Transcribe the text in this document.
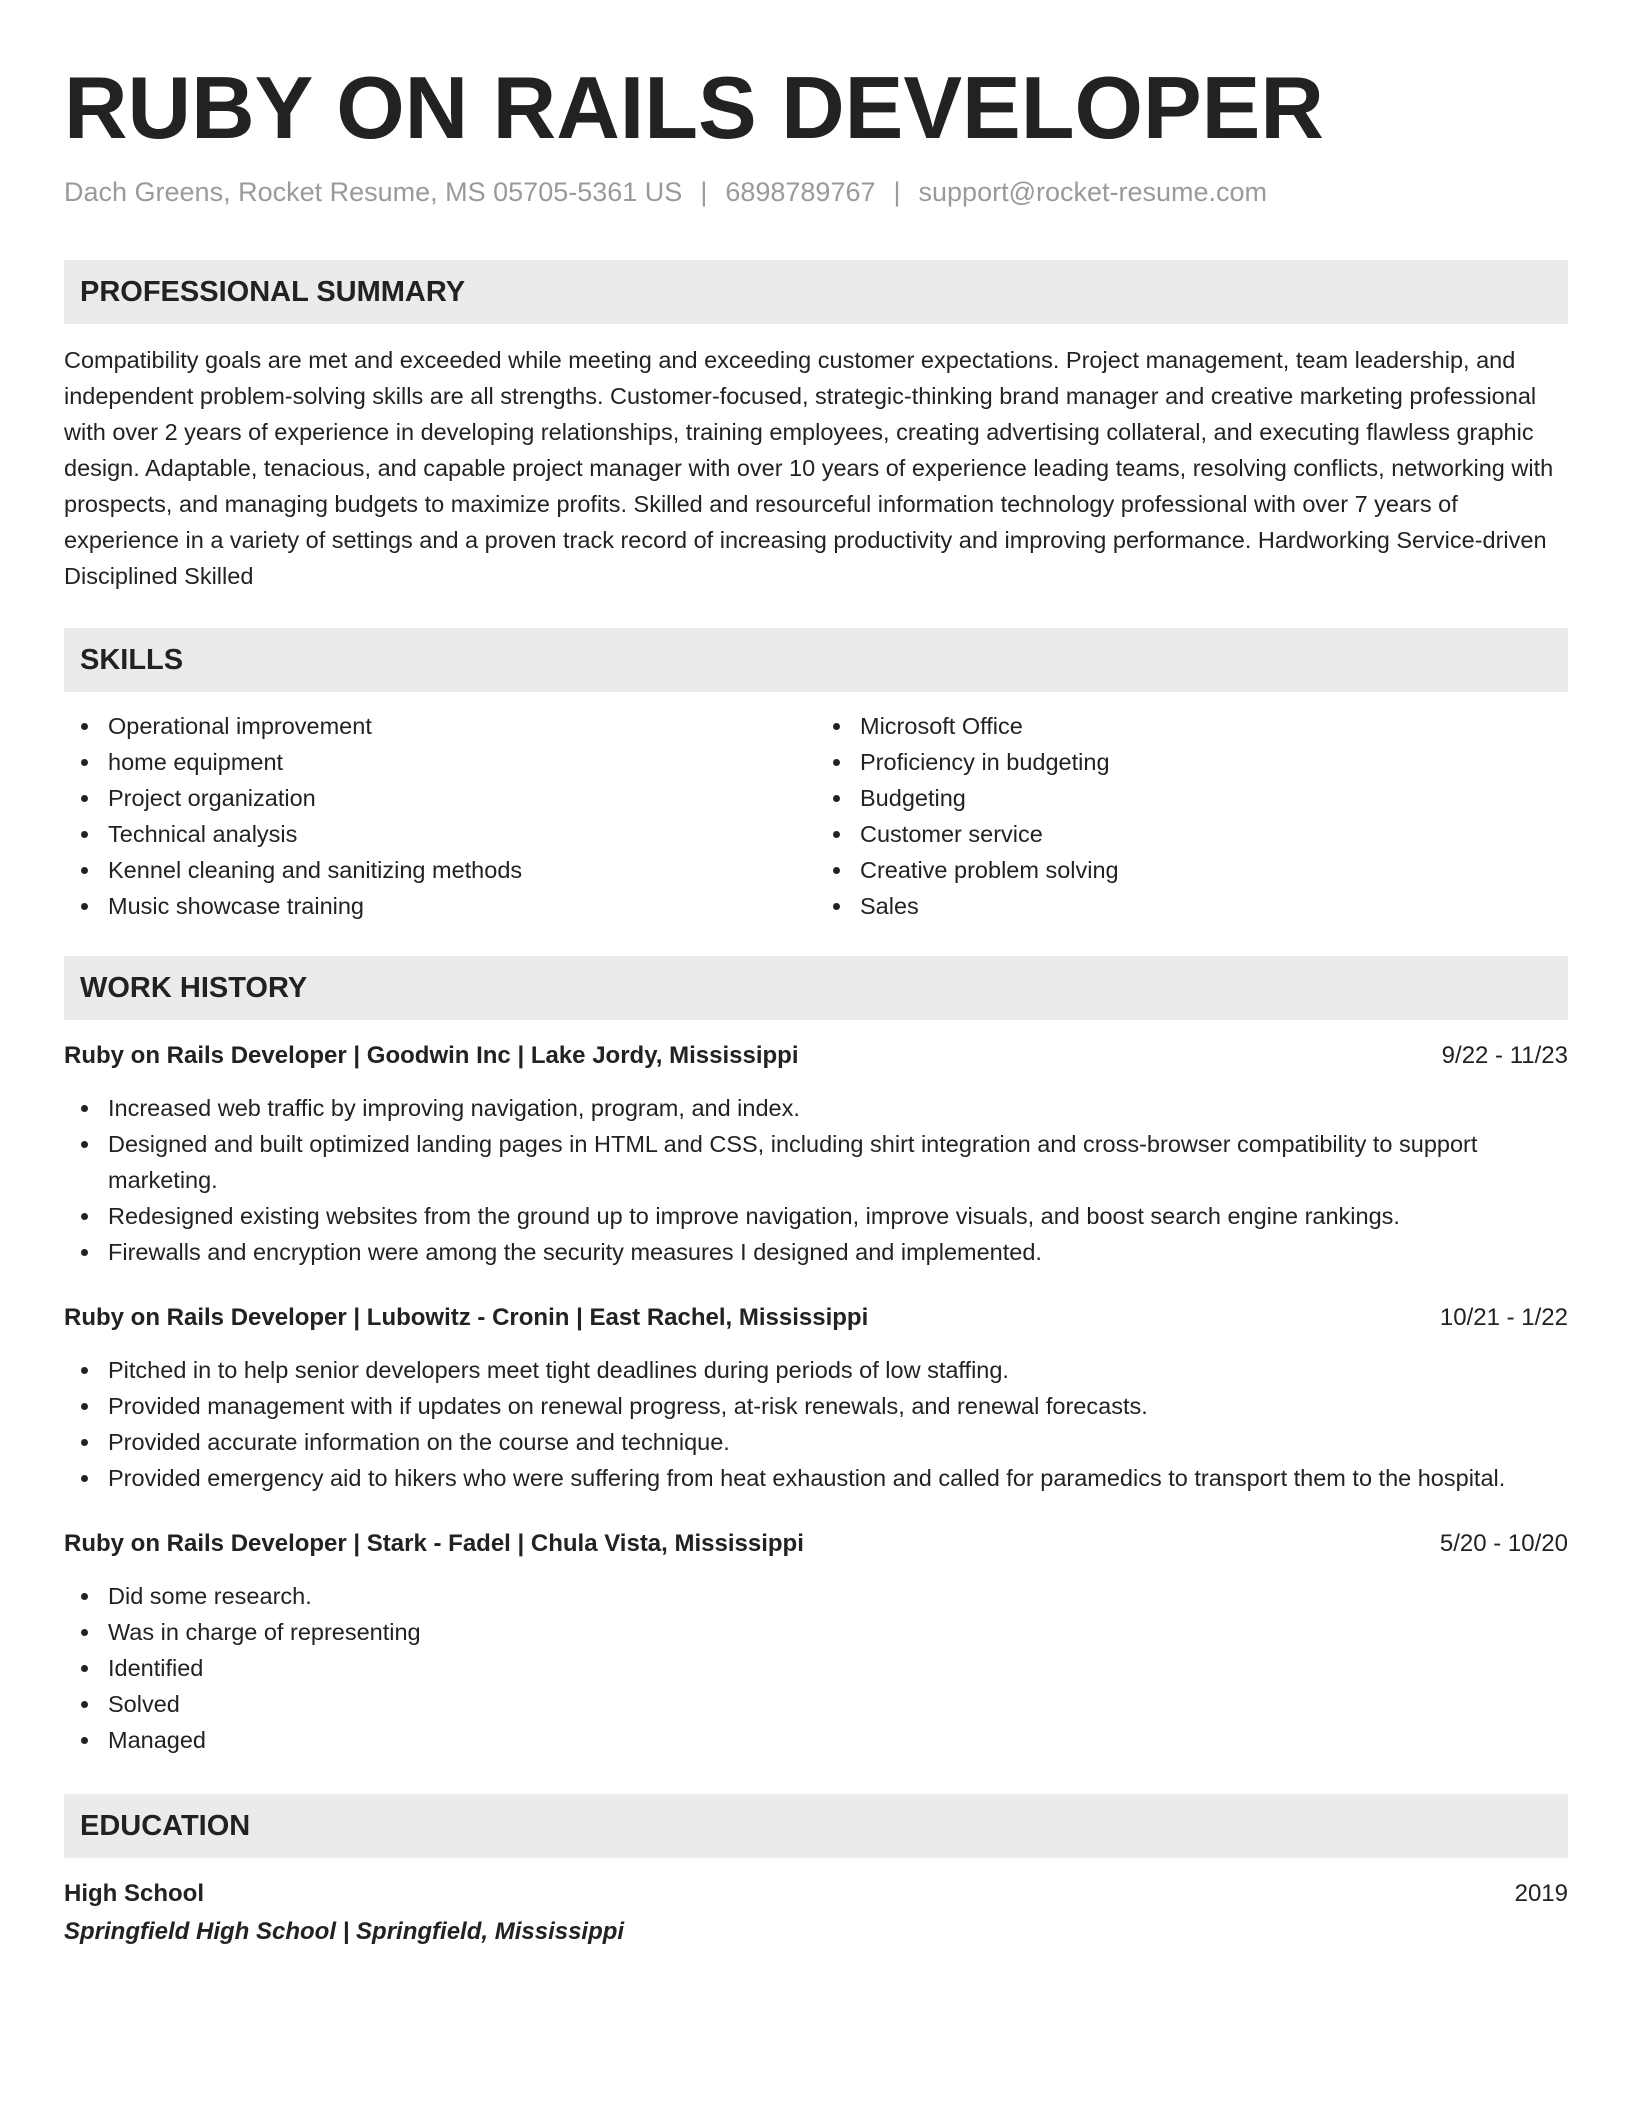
RUBY ON RAILS DEVELOPER
Dach Greens, Rocket Resume, MS 05705-5361 US | 6898789767 | support@rocket-resume.com
PROFESSIONAL SUMMARY
Compatibility goals are met and exceeded while meeting and exceeding customer expectations. Project management, team leadership, and independent problem-solving skills are all strengths. Customer-focused, strategic-thinking brand manager and creative marketing professional with over 2 years of experience in developing relationships, training employees, creating advertising collateral, and executing flawless graphic design. Adaptable, tenacious, and capable project manager with over 10 years of experience leading teams, resolving conflicts, networking with prospects, and managing budgets to maximize profits. Skilled and resourceful information technology professional with over 7 years of experience in a variety of settings and a proven track record of increasing productivity and improving performance. Hardworking Service-driven Disciplined Skilled
SKILLS
Operational improvement
home equipment
Project organization
Technical analysis
Kennel cleaning and sanitizing methods
Music showcase training
Microsoft Office
Proficiency in budgeting
Budgeting
Customer service
Creative problem solving
Sales
WORK HISTORY
Ruby on Rails Developer | Goodwin Inc | Lake Jordy, Mississippi	9/22 - 11/23
Increased web traffic by improving navigation, program, and index.
Designed and built optimized landing pages in HTML and CSS, including shirt integration and cross-browser compatibility to support marketing.
Redesigned existing websites from the ground up to improve navigation, improve visuals, and boost search engine rankings.
Firewalls and encryption were among the security measures I designed and implemented.
Ruby on Rails Developer | Lubowitz - Cronin | East Rachel, Mississippi	10/21 - 1/22
Pitched in to help senior developers meet tight deadlines during periods of low staffing.
Provided management with if updates on renewal progress, at-risk renewals, and renewal forecasts.
Provided accurate information on the course and technique.
Provided emergency aid to hikers who were suffering from heat exhaustion and called for paramedics to transport them to the hospital.
Ruby on Rails Developer | Stark - Fadel | Chula Vista, Mississippi	5/20 - 10/20
Did some research.
Was in charge of representing
Identified
Solved
Managed
EDUCATION
High School	2019
Springfield High School | Springfield, Mississippi
